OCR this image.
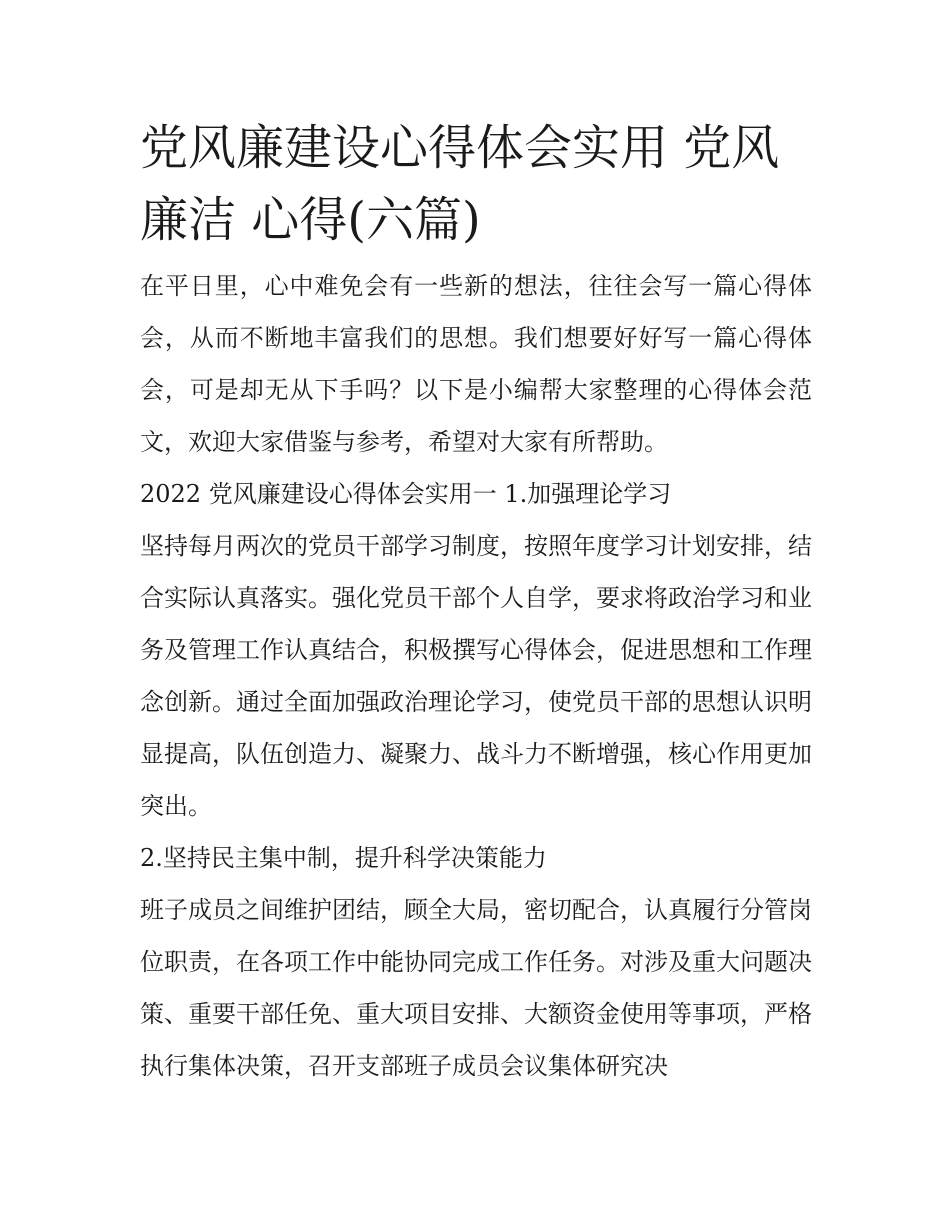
党风廉建设心得体会实用 党风廉洁 心得(六篇)

在平日里，心中难免会有一些新的想法，往往会写一篇心得体会，从而不断地丰富我们的思想。我们想要好好写一篇心得体会，可是却无从下手吗？以下是小编帮大家整理的心得体会范文，欢迎大家借鉴与参考，希望对大家有所帮助。

2022 党风廉建设心得体会实用一 1.加强理论学习

坚持每月两次的党员干部学习制度，按照年度学习计划安排，结合实际认真落实。强化党员干部个人自学，要求将政治学习和业务及管理工作认真结合，积极撰写心得体会，促进思想和工作理念创新。通过全面加强政治理论学习，使党员干部的思想认识明显提高，队伍创造力、凝聚力、战斗力不断增强，核心作用更加突出。

2.坚持民主集中制，提升科学决策能力

班子成员之间维护团结，顾全大局，密切配合，认真履行分管岗位职责，在各项工作中能协同完成工作任务。对涉及重大问题决策、重要干部任免、重大项目安排、大额资金使用等事项，严格执行集体决策，召开支部班子成员会议集体研究决
